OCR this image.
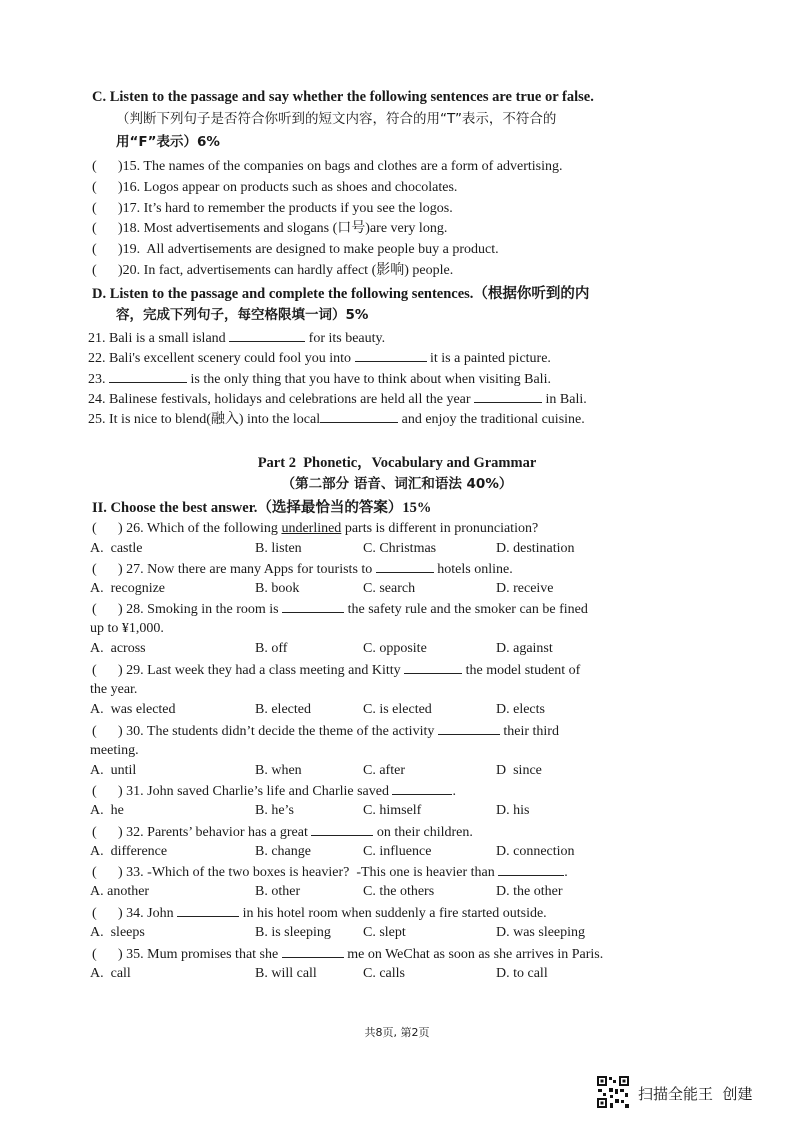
C. Listen to the passage and say whether the following sentences are true or false.
（判断下列句子是否符合你听到的短文内容，符合的用“T”表示，不符合的
用“F”表示）6%
( )15. The names of the companies on bags and clothes are a form of advertising.
( )16. Logos appear on products such as shoes and chocolates.
( )17. It’s hard to remember the products if you see the logos.
( )18. Most advertisements and slogans (口号)are very long.
( )19.  All advertisements are designed to make people buy a product.
( )20. In fact, advertisements can hardly affect (影响) people.
D. Listen to the passage and complete the following sentences.（根据你听到的内
容，完成下列句子，每空格限填一词）5%
21. Bali is a small island	for its beauty.
22. Bali's excellent scenery could fool you into	it is a painted picture.
23.	is the only thing that you have to think about when visiting Bali.
24. Balinese festivals, holidays and celebrations are held all the year	in Bali.
25. It is nice to blend(融入) into the local	and enjoy the traditional cuisine.
Part 2  Phonetic，Vocabulary and Grammar
（第二部分 语音、词汇和语法 40%）
II. Choose the best answer.（选择最恰当的答案）15%
( ) 26. Which of the following underlined parts is different in pronunciation?
A.  castle	B. listen	C. Christmas	D. destination
( ) 27. Now there are many Apps for tourists to	hotels online.
A.  recognize	B. book	C. search	D. receive
( ) 28. Smoking in the room is	the safety rule and the smoker can be fined
up to ¥1,000.
A.  across	B. off	C. opposite	D. against
( ) 29. Last week they had a class meeting and Kitty	the model student of
the year.
A.  was elected	B. elected	C. is elected	D. elects
( ) 30. The students didn’t decide the theme of the activity	their third
meeting.
A.  until	B. when	C. after	D  since
( ) 31. John saved Charlie’s life and Charlie saved	.
A.  he	B. he’s	C. himself	D. his
( ) 32. Parents’ behavior has a great	on their children.
A.  difference	B. change	C. influence	D. connection
( ) 33. -Which of the two boxes is heavier?  -This one is heavier than	.
A. another	B. other	C. the others	D. the other
( ) 34. John	in his hotel room when suddenly a fire started outside.
A.  sleeps	B. is sleeping C. slept	D. was sleeping
( ) 35. Mum promises that she	me on WeChat as soon as she arrives in Paris.
A.  call	B. will call	C. calls	D. to call
共8页, 第2页
扫描全能王  创建
